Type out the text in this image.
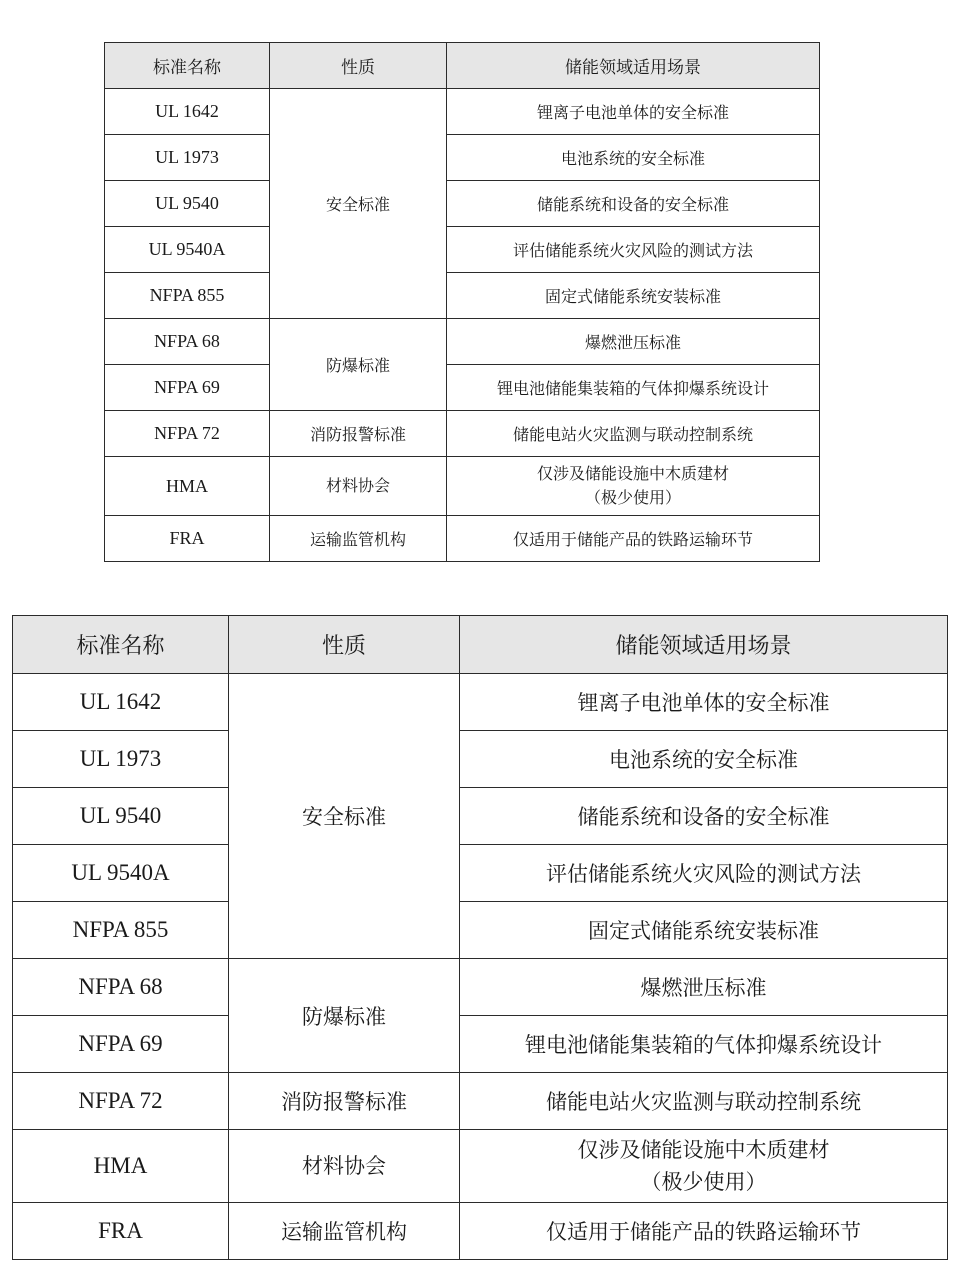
标准名称	性质	储能领域适用场景
UL 1642	安全标准	锂离子电池单体的安全标准
UL 1973		电池系统的安全标准
UL 9540		储能系统和设备的安全标准
UL 9540A		评估储能系统火灾风险的测试方法
NFPA 855		固定式储能系统安装标准
NFPA 68	防爆标准	爆燃泄压标准
NFPA 69		锂电池储能集装箱的气体抑爆系统设计
NFPA 72	消防报警标准	储能电站火灾监测与联动控制系统
HMA	材料协会	仅涉及储能设施中木质建材
（极少使用）

FRA	运输监管机构	仅适用于储能产品的铁路运输环节
标准名称	性质	储能领域适用场景
UL 1642	安全标准	锂离子电池单体的安全标准
UL 1973		电池系统的安全标准
UL 9540		储能系统和设备的安全标准
UL 9540A		评估储能系统火灾风险的测试方法
NFPA 855		固定式储能系统安装标准
NFPA 68	防爆标准	爆燃泄压标准
NFPA 69		锂电池储能集装箱的气体抑爆系统设计
NFPA 72	消防报警标准	储能电站火灾监测与联动控制系统
HMA	材料协会	仅涉及储能设施中木质建材
（极少使用）

FRA	运输监管机构	仅适用于储能产品的铁路运输环节
